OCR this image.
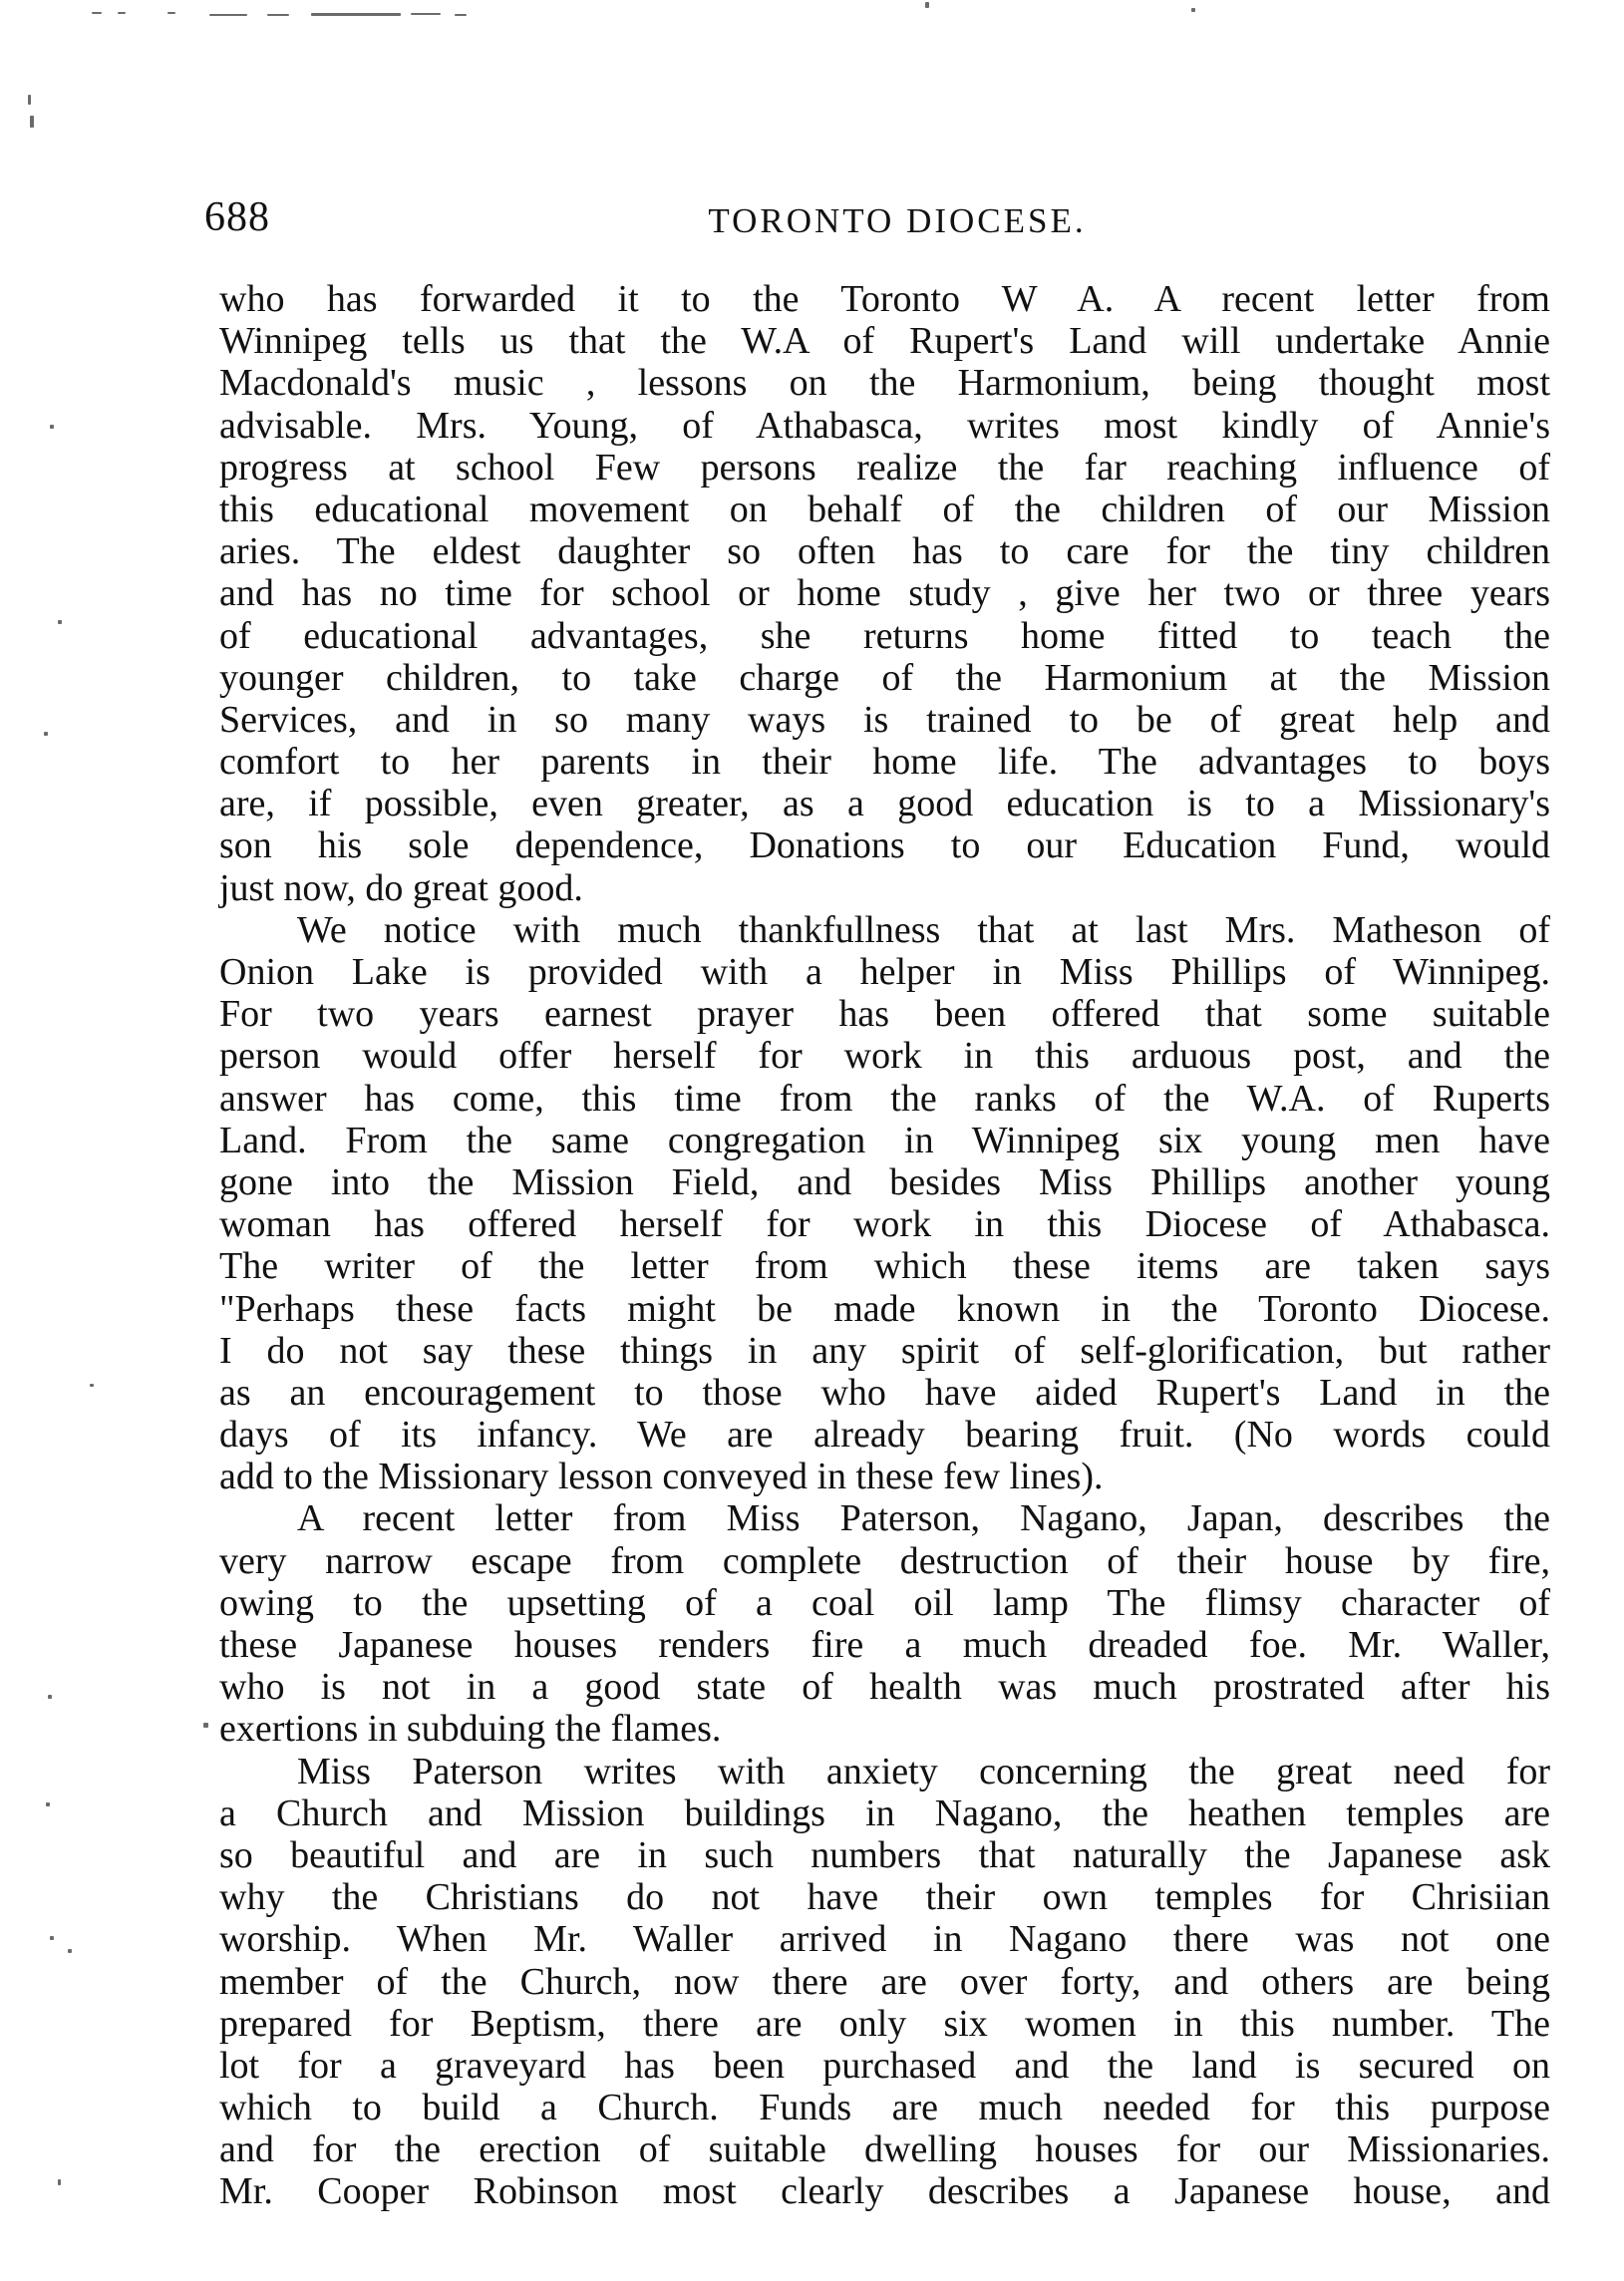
688	TORONTO DIOCESE.
who has forwarded it to the Toronto W A. A recent letter from
Winnipeg tells us that the W.A of Rupert's Land will undertake Annie
Macdonald's music , lessons on the Harmonium, being thought most
advisable. Mrs. Young, of Athabasca, writes most kindly of Annie's
progress at school Few persons realize the far reaching influence of
this educational movement on behalf of the children of our Mission
aries. The eldest daughter so often has to care for the tiny children
and has no time for school or home study , give her two or three years
of educational advantages, she returns home fitted to teach the
younger children, to take charge of the Harmonium at the Mission
Services, and in so many ways is trained to be of great help and
comfort to her parents in their home life. The advantages to boys
are, if possible, even greater, as a good education is to a Missionary's
son his sole dependence, Donations to our Education Fund, would
just now, do great good.
We notice with much thankfullness that at last Mrs. Matheson of
Onion Lake is provided with a helper in Miss Phillips of Winnipeg.
For two years earnest prayer has been offered that some suitable
person would offer herself for work in this arduous post, and the
answer has come, this time from the ranks of the W.A. of Ruperts
Land. From the same congregation in Winnipeg six young men have
gone into the Mission Field, and besides Miss Phillips another young
woman has offered herself for work in this Diocese of Athabasca.
The writer of the letter from which these items are taken says
"Perhaps these facts might be made known in the Toronto Diocese.
I do not say these things in any spirit of self-glorification, but rather
as an encouragement to those who have aided Rupert's Land in the
days of its infancy. We are already bearing fruit. (No words could
add to the Missionary lesson conveyed in these few lines).
A recent letter from Miss Paterson, Nagano, Japan, describes the
very narrow escape from complete destruction of their house by fire,
owing to the upsetting of a coal oil lamp The flimsy character of
these Japanese houses renders fire a much dreaded foe. Mr. Waller,
who is not in a good state of health was much prostrated after his
exertions in subduing the flames.
Miss Paterson writes with anxiety concerning the great need for
a Church and Mission buildings in Nagano, the heathen temples are
so beautiful and are in such numbers that naturally the Japanese ask
why the Christians do not have their own temples for Chrisiian
worship. When Mr. Waller arrived in Nagano there was not one
member of the Church, now there are over forty, and others are being
prepared for Beptism, there are only six women in this number. The
lot for a graveyard has been purchased and the land is secured on
which to build a Church. Funds are much needed for this purpose
and for the erection of suitable dwelling houses for our Missionaries.
Mr. Cooper Robinson most clearly describes a Japanese house, and
